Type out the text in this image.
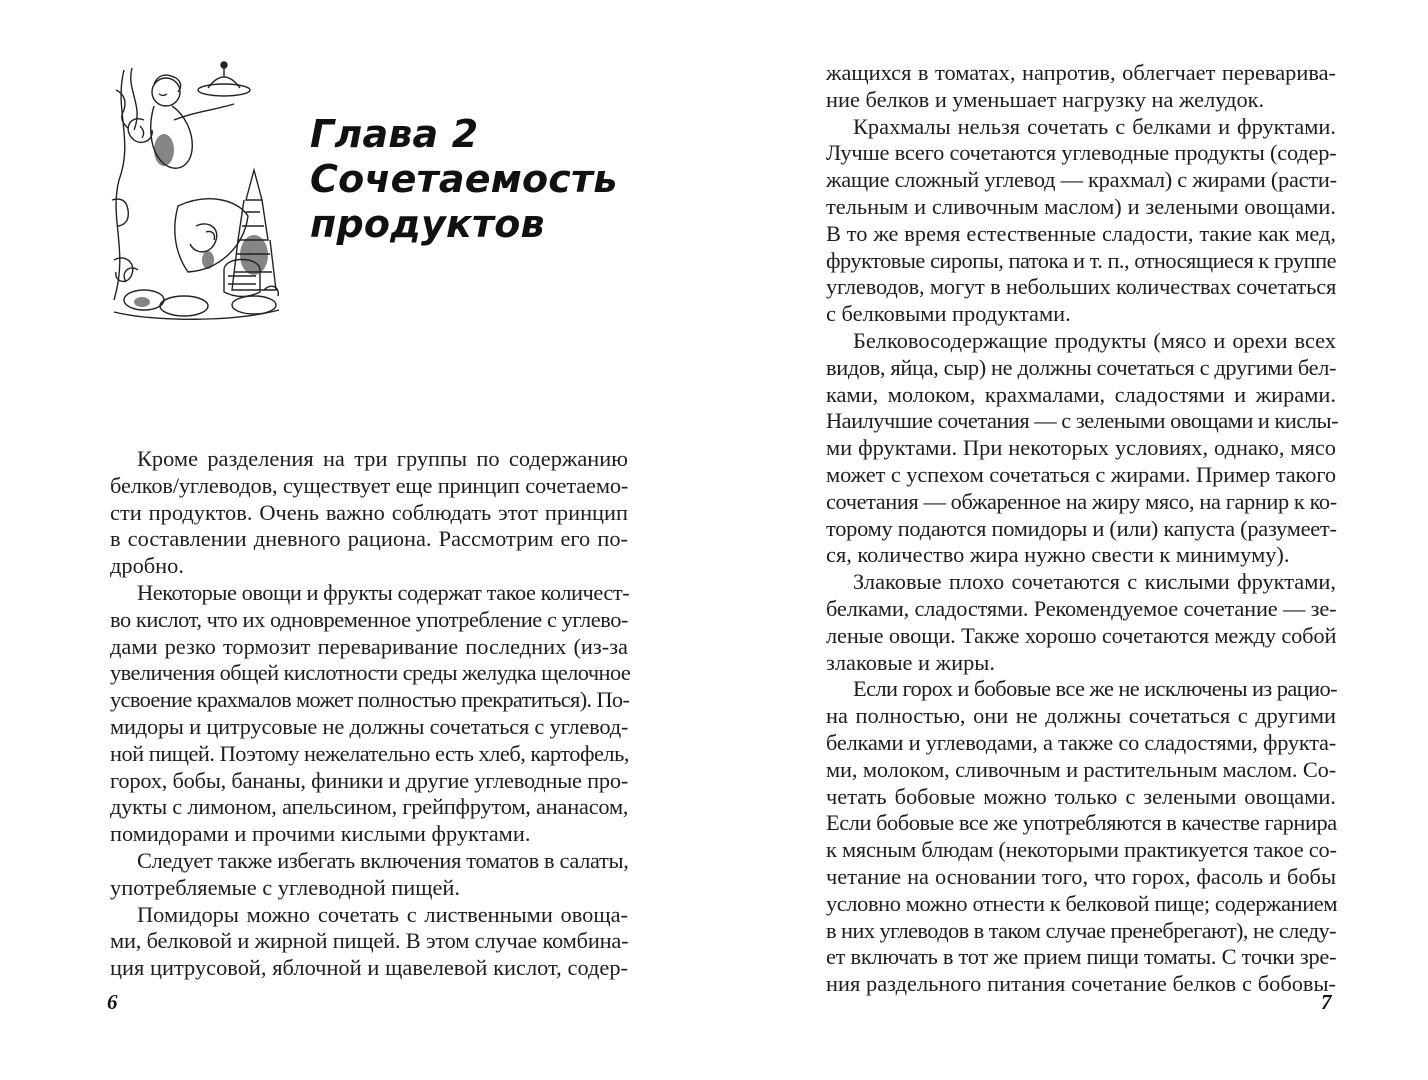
Глава 2
Сочетаемость
продуктов
Кроме разделения на три группы по содержанию
белков/углеводов, существует еще принцип сочетаемо-
сти продуктов. Очень важно соблюдать этот принцип
в составлении дневного рациона. Рассмотрим его по-
дробно.
Некоторые овощи и фрукты содержат такое количест-
во кислот, что их одновременное употребление с углево-
дами резко тормозит переваривание последних (из-за
увеличения общей кислотности среды желудка щелочное
усвоение крахмалов может полностью прекратиться). По-
мидоры и цитрусовые не должны сочетаться с углевод-
ной пищей. Поэтому нежелательно есть хлеб, картофель,
горох, бобы, бананы, финики и другие углеводные про-
дукты с лимоном, апельсином, грейпфрутом, ананасом,
помидорами и прочими кислыми фруктами.
Следует также избегать включения томатов в салаты,
употребляемые с углеводной пищей.
Помидоры можно сочетать с лиственными овоща-
ми, белковой и жирной пищей. В этом случае комбина-
ция цитрусовой, яблочной и щавелевой кислот, содер-
6
жащихся в томатах, напротив, облегчает переварива-
ние белков и уменьшает нагрузку на желудок.
Крахмалы нельзя сочетать с белками и фруктами.
Лучше всего сочетаются углеводные продукты (содер-
жащие сложный углевод — крахмал) с жирами (расти-
тельным и сливочным маслом) и зелеными овощами.
В то же время естественные сладости, такие как мед,
фруктовые сиропы, патока и т. п., относящиеся к группе
углеводов, могут в небольших количествах сочетаться
с белковыми продуктами.
Белковосодержащие продукты (мясо и орехи всех
видов, яйца, сыр) не должны сочетаться с другими бел-
ками, молоком, крахмалами, сладостями и жирами.
Наилучшие сочетания — с зелеными овощами и кислы-
ми фруктами. При некоторых условиях, однако, мясо
может с успехом сочетаться с жирами. Пример такого
сочетания — обжаренное на жиру мясо, на гарнир к ко-
торому подаются помидоры и (или) капуста (разумеет-
ся, количество жира нужно свести к минимуму).
Злаковые плохо сочетаются с кислыми фруктами,
белками, сладостями. Рекомендуемое сочетание — зе-
леные овощи. Также хорошо сочетаются между собой
злаковые и жиры.
Если горох и бобовые все же не исключены из рацио-
на полностью, они не должны сочетаться с другими
белками и углеводами, а также со сладостями, фрукта-
ми, молоком, сливочным и растительным маслом. Со-
четать бобовые можно только с зелеными овощами.
Если бобовые все же употребляются в качестве гарнира
к мясным блюдам (некоторыми практикуется такое со-
четание на основании того, что горох, фасоль и бобы
условно можно отнести к белковой пище; содержанием
в них углеводов в таком случае пренебрегают), не следу-
ет включать в тот же прием пищи томаты. С точки зре-
ния раздельного питания сочетание белков с бобовы-
7
